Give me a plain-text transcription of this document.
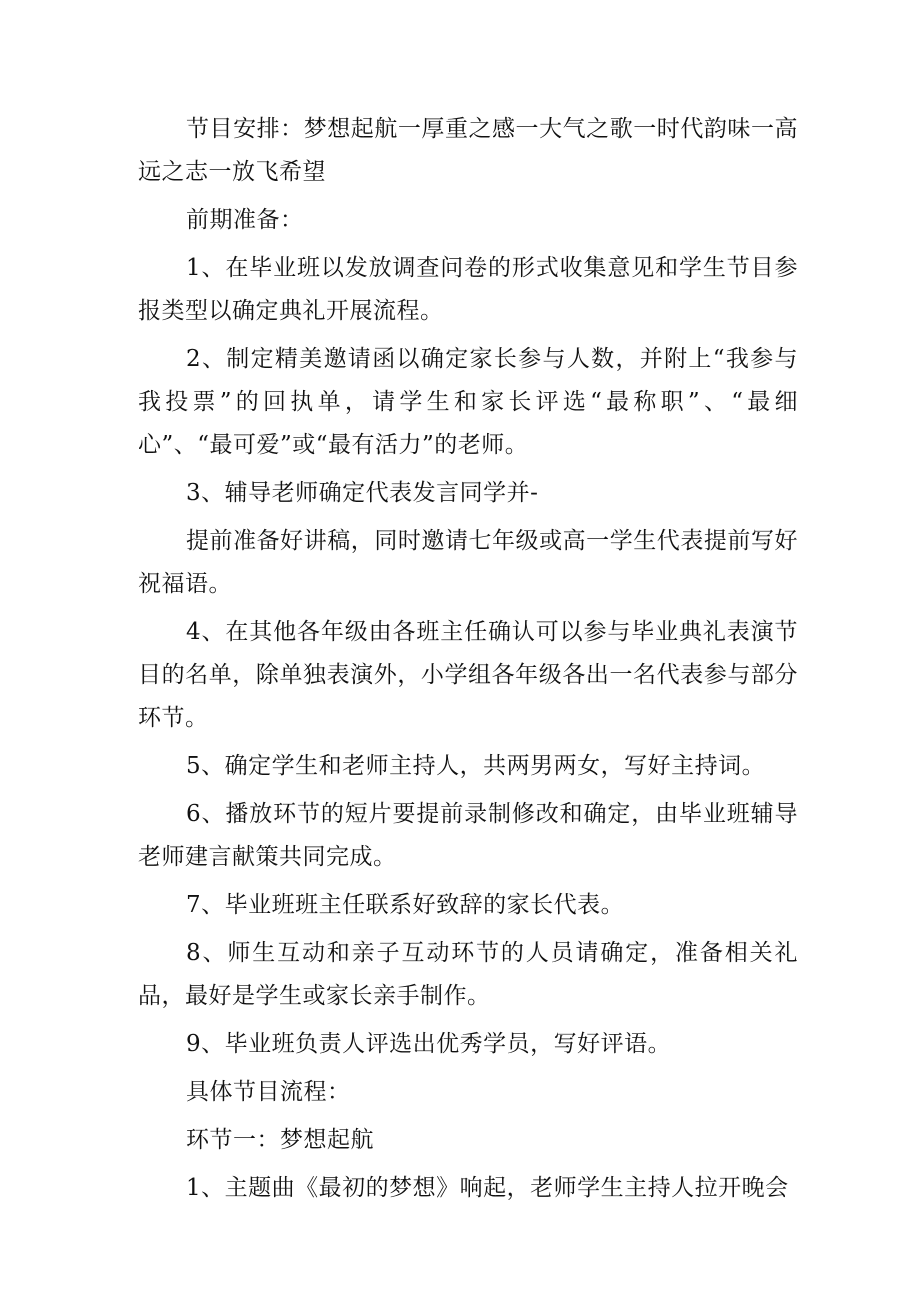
节目安排：梦想起航一厚重之感一大气之歌一时代韵味一高远之志一放飞希望

前期准备：

1、在毕业班以发放调查问卷的形式收集意见和学生节目参报类型以确定典礼开展流程。

2、制定精美邀请函以确定家长参与人数，并附上“我参与我投票”的回执单，请学生和家长评选“最称职”、“最细心”、“最可爱”或“最有活力”的老师。

3、辅导老师确定代表发言同学并-

提前准备好讲稿，同时邀请七年级或高一学生代表提前写好祝福语。

4、在其他各年级由各班主任确认可以参与毕业典礼表演节目的名单，除单独表演外，小学组各年级各出一名代表参与部分环节。

5、确定学生和老师主持人，共两男两女，写好主持词。

6、播放环节的短片要提前录制修改和确定，由毕业班辅导老师建言献策共同完成。

7、毕业班班主任联系好致辞的家长代表。

8、师生互动和亲子互动环节的人员请确定，准备相关礼品，最好是学生或家长亲手制作。

9、毕业班负责人评选出优秀学员，写好评语。

具体节目流程：

环节一：梦想起航

1、主题曲《最初的梦想》响起，老师学生主持人拉开晚会
